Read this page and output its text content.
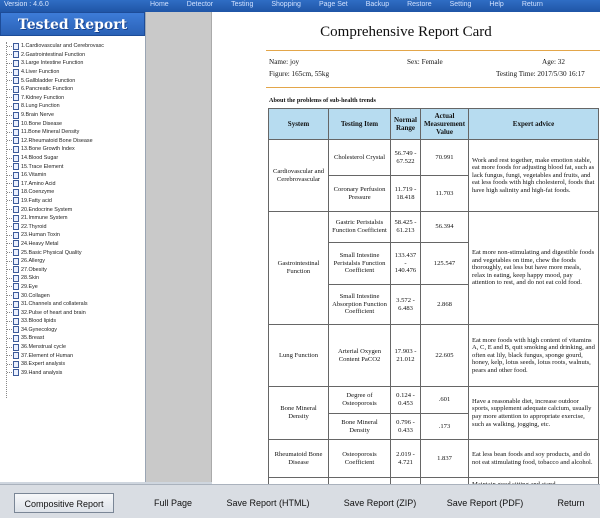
Version : 4.6.0	Home	Detector	Testing	Shopping	Page Set	Backup	Restore	Setting	Help	Return
Tested Report
1.Cardiovascular and Cerebrovasc
2.Gastrointestinal Function
3.Large Intestine Function
4.Liver Function
5.Gallbladder Function
6.Pancreatic Function
7.Kidney Function
8.Lung Function
9.Brain Nerve
10.Bone Disease
11.Bone Mineral Density
12.Rheumatoid Bone Disease
13.Bone Growth Index
14.Blood Sugar
15.Trace Element
16.Vitamin
17.Amino Acid
18.Coenzyme
19.Fatty acid
20.Endocrine System
21.Immune System
22.Thyroid
23.Human Toxin
24.Heavy Metal
25.Basic Physical Quality
26.Allergy
27.Obesity
28.Skin
29.Eye
30.Collagen
31.Channels and collaterals
32.Pulse of heart and brain
33.Blood lipids
34.Gynecology
35.Breast
36.Menstrual cycle
37.Element of Human
38.Expert analysis
39.Hand analysis
Comprehensive Report Card
Name: joy	Sex: Female	Age: 32
Figure: 165cm, 55kg	Testing Time: 2017/5/30 16:17
About the problems of sub-health trends
System	Testing Item	Normal Range	Actual Measurement Value	Expert advice
Cardiovascular and Cerebrovascular	Cholesterol Crystal	56.749 - 67.522	70.991	Work and rest together, make emotion stable, eat more foods for adjusting blood fat, such as lack fungus, fungi, vegetables and fruits, and eat less foods with high cholesterol, foods that have high salinity and high-fat foods.
	Coronary Perfusion Pressure	11.719 - 18.418	11.703	
Gastrointestinal Function	Gastric Peristalsis Function Coefficient	58.425 - 61.213	56.394	Eat more non-stimulating and digestible foods and vegetables on time, chew the foods thoroughly, eat less but have more meals, relax in eating, keep happy mood, pay attention to rest, and do not eat cold food.
	Small Intestine Peristalsis Function Coefficient	133.437 - 140.476	125.547	
	Small Intestine Absorption Function Coefficient	3.572 - 6.483	2.868	
Lung Function	Arterial Oxygen Content PaCO2	17.903 - 21.012	22.605	Eat more foods with high content of vitamins A, C, E and B, quit smoking and drinking, and often eat lily, black fungus, sponge gourd, honey, kelp, lotus seeds, lotus roots, walnuts, pears and other food.
Bone Mineral Density	Degree of Osteoporosis	0.124 - 0.453	.601	Have a reasonable diet, increase outdoor sports, supplement adequate calcium, usually pay more attention to appropriate exercise, such as walking, jogging, etc.
	Bone Mineral Density	0.796 - 0.433	.173	
Rheumatoid Bone Disease	Osteoporosis Coefficient	2.019 - 4.721	1.837	Eat less bean foods and soy products, and do not eat stimulating food, tobacco and alcohol.

Compositive Report	Full Page	Save Report (HTML)	Save Report (ZIP)	Save Report (PDF)	Return
